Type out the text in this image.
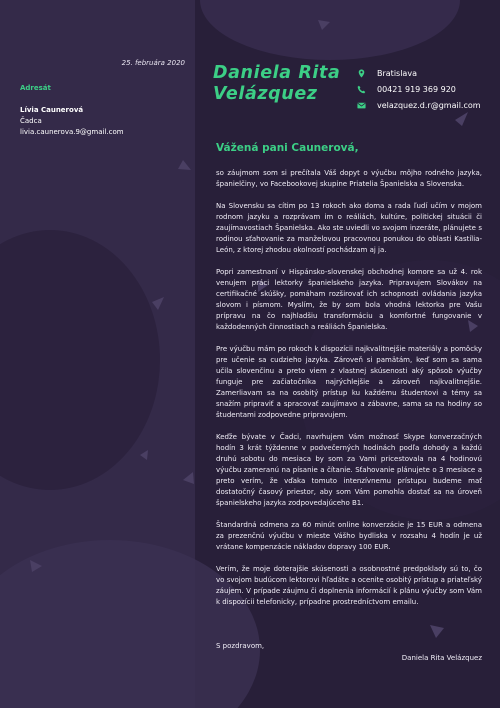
25. februára 2020
Adresát
Lívia Caunerová
Čadca
livia.caunerova.9@gmail.com
Daniela Rita
Velázquez
Bratislava
00421 919 369 920
velazquez.d.r@gmail.com
Vážená pani Caunerová,

so záujmom som si prečítala Váš dopyt o výučbu môjho rodného jazyka, španielčiny, vo Facebookovej skupine Priatelia Španielska a Slovenska.

Na Slovensku sa cítim po 13 rokoch ako doma a rada ľudí učím v mojom rodnom jazyku a rozprávam im o reáliách, kultúre, politickej situácii či zaujímavostiach Španielska. Ako ste uviedli vo svojom inzeráte, plánujete s rodinou sťahovanie za manželovou pracovnou ponukou do oblasti Kastília-León, z ktorej zhodou okolností pochádzam aj ja.

Popri zamestnaní v Hispánsko-slovenskej obchodnej komore sa už 4. rok venujem práci lektorky španielskeho jazyka. Pripravujem Slovákov na certifikačné skúšky, pomáham rozširovať ich schopnosti ovládania jazyka slovom i písmom. Myslím, že by som bola vhodná lektorka pre Vašu prípravu na čo najhladšiu transformáciu a komfortné fungovanie v každodenných činnostiach a reáliách Španielska.

Pre výučbu mám po rokoch k dispozícii najkvalitnejšie materiály a pomôcky pre učenie sa cudzieho jazyka. Zároveň si pamätám, keď som sa sama učila slovenčinu a preto viem z vlastnej skúsenosti aký spôsob výučby funguje pre začiatočníka najrýchlejšie a zároveň najkvalitnejšie. Zamerliavam sa na osobitý prístup ku každému študentovi a témy sa snažím pripraviť a spracovať zaujímavo a zábavne, sama sa na hodiny so študentami zodpovedne pripravujem.

Keďže bývate v Čadci, navrhujem Vám možnosť Skype konverzačných hodín 3 krát týždenne v podvečerných hodinách podľa dohody a každú druhú sobotu do mesiaca by som za Vami pricestovala na 4 hodinovú výučbu zameranú na písanie a čítanie. Sťahovanie plánujete o 3 mesiace a preto verím, že vďaka tomuto intenzívnemu prístupu budeme mať dostatočný časový priestor, aby som Vám pomohla dostať sa na úroveň španielskeho jazyka zodpovedajúceho B1.

Štandardná odmena za 60 minút online konverzácie je 15 EUR a odmena za prezenčnú výučbu v mieste Vášho bydliska v rozsahu 4 hodín je už vrátane kompenzácie nákladov dopravy 100 EUR.

Verím, že moje doterajšie skúsenosti a osobnostné predpoklady sú to, čo vo svojom budúcom lektorovi hľadáte a ocenite osobitý prístup a priateľský záujem. V prípade záujmu či doplnenia informácií k plánu výučby som Vám k dispozícii telefonicky, prípadne prostredníctvom emailu.

S pozdravom,
Daniela Rita Velázquez
